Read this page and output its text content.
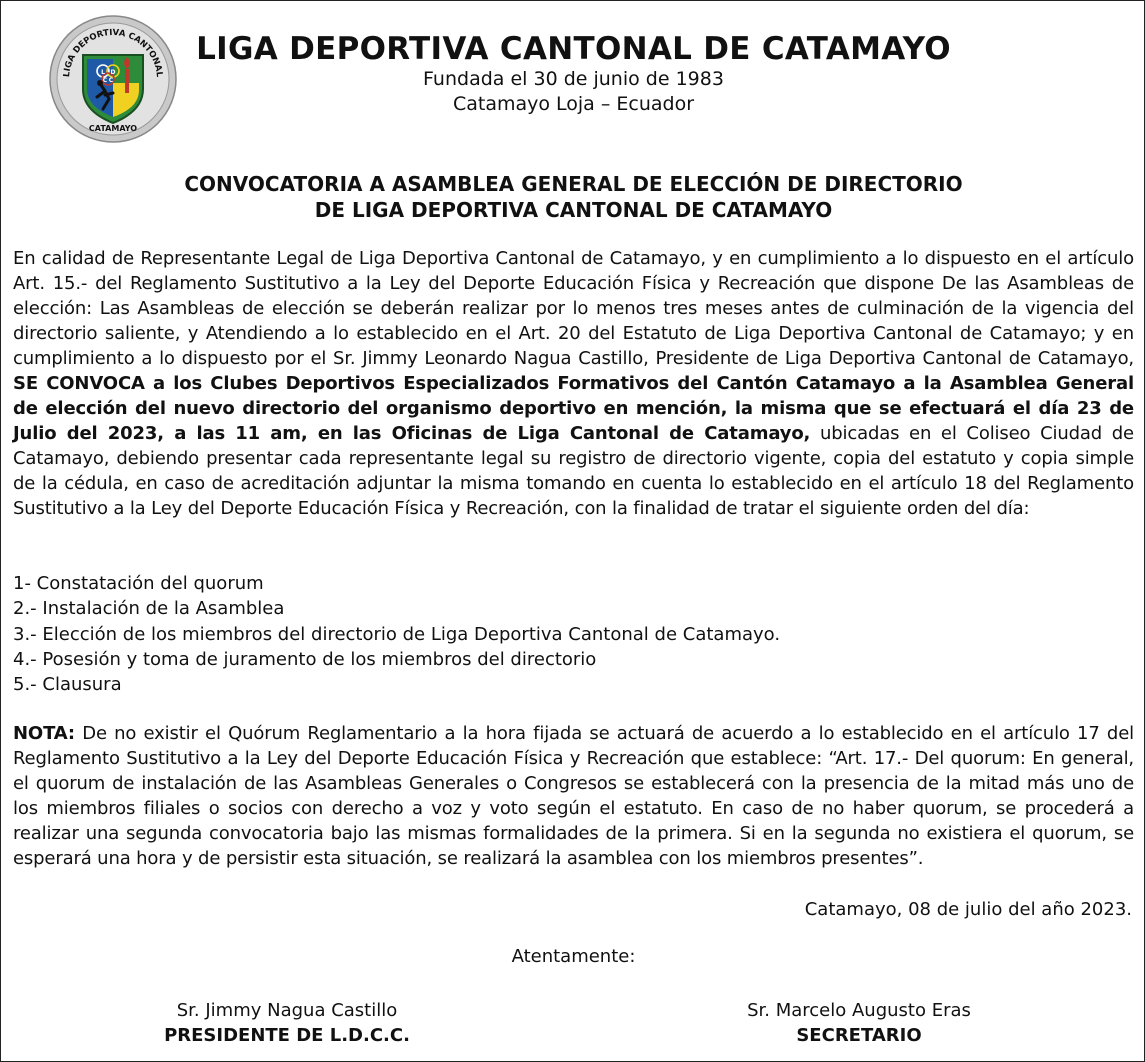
LIGA DEPORTIVA CANTONAL
CATAMAYO
L D
C C
LIGA DEPORTIVA CANTONAL DE CATAMAYO
Fundada el 30 de junio de 1983
Catamayo Loja – Ecuador
CONVOCATORIA A ASAMBLEA GENERAL DE ELECCIÓN DE DIRECTORIO
DE LIGA DEPORTIVA CANTONAL DE CATAMAYO
En calidad de Representante Legal de Liga Deportiva Cantonal de Catamayo, y en cumplimiento a lo dispuesto en el artículo Art. 15.- del Reglamento Sustitutivo a la Ley del Deporte Educación Física y Recreación que dispone De las Asambleas de elección: Las Asambleas de elección se deberán realizar por lo menos tres meses antes de culminación de la vigencia del directorio saliente, y Atendiendo a lo establecido en el Art. 20 del Estatuto de Liga Deportiva Cantonal de Catamayo; y en cumplimiento a lo dispuesto por el Sr. Jimmy Leonardo Nagua Castillo, Presidente de Liga Deportiva Cantonal de Catamayo, SE CONVOCA a los Clubes Deportivos Especializados Formativos del Cantón Catamayo a la Asamblea General de elección del nuevo directorio del organismo deportivo en mención, la misma que se efectuará el día 23 de Julio del 2023, a las 11 am, en las Oficinas de Liga Cantonal de Catamayo, ubicadas en el Coliseo Ciudad de Catamayo, debiendo presentar cada representante legal su registro de directorio vigente, copia del estatuto y copia simple de la cédula, en caso de acreditación adjuntar la misma tomando en cuenta lo establecido en el artículo 18 del Reglamento Sustitutivo a la Ley del Deporte Educación Física y Recreación, con la finalidad de tratar el siguiente orden del día:
1- Constatación del quorum
2.- Instalación de la Asamblea
3.- Elección de los miembros del directorio de Liga Deportiva Cantonal de Catamayo.
4.- Posesión y toma de juramento de los miembros del directorio
5.- Clausura
NOTA: De no existir el Quórum Reglamentario a la hora fijada se actuará de acuerdo a lo establecido en el artículo 17 del Reglamento Sustitutivo a la Ley del Deporte Educación Física y Recreación que establece: “Art. 17.- Del quorum: En general, el quorum de instalación de las Asambleas Generales o Congresos se establecerá con la presencia de la mitad más uno de los miembros filiales o socios con derecho a voz y voto según el estatuto. En caso de no haber quorum, se procederá a realizar una segunda convocatoria bajo las mismas formalidades de la primera. Si en la segunda no existiera el quorum, se esperará una hora y de persistir esta situación, se realizará la asamblea con los miembros presentes”.
Catamayo, 08 de julio del año 2023.
Atentamente:
Sr. Jimmy Nagua Castillo
PRESIDENTE DE L.D.C.C.
Sr. Marcelo Augusto Eras
SECRETARIO
